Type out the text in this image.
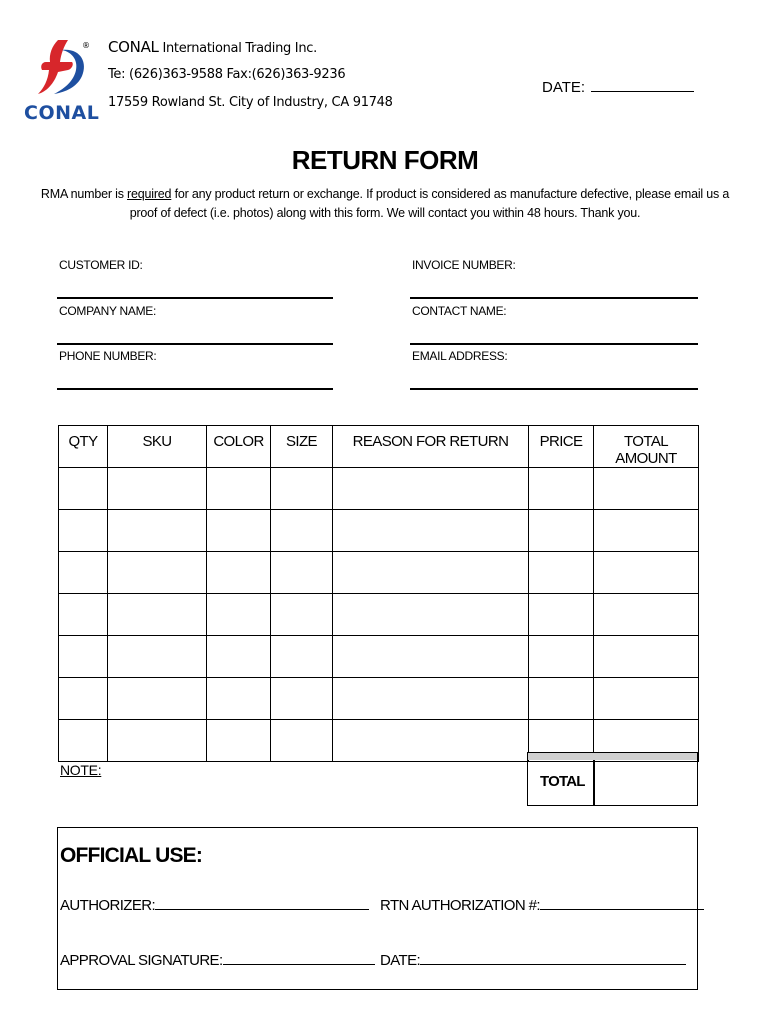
®
CONAL
CONAL International Trading Inc.
Te: (626)363-9588 Fax:(626)363-9236
17559 Rowland St. City of Industry, CA 91748
DATE:
RETURN FORM
RMA number is required for any product return or exchange. If product is considered as manufacture defective, please email us a
proof of defect (i.e. photos) along with this form. We will contact you within 48 hours. Thank you.
CUSTOMER ID:	INVOICE NUMBER:
COMPANY NAME:	CONTACT NAME:
PHONE NUMBER:	EMAIL ADDRESS:
QTY	SKU	COLOR	SIZE	REASON FOR RETURN	PRICE	TOTAL AMOUNT

NOTE:
TOTAL
OFFICIAL USE:
AUTHORIZER:	RTN AUTHORIZATION #:
APPROVAL SIGNATURE:	DATE:
